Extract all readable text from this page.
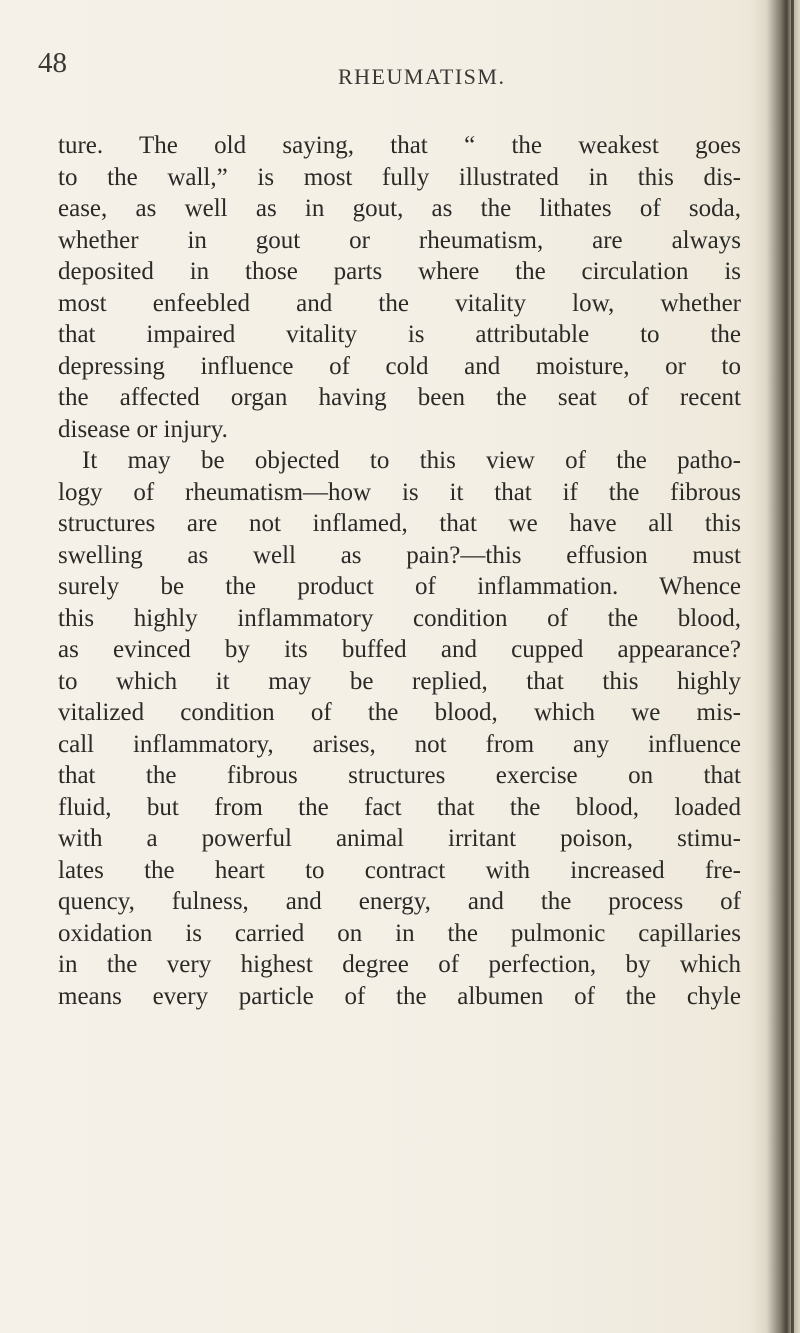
48	RHEUMATISM.
ture. The old saying, that “ the weakest goes
to the wall,” is most fully illustrated in this dis-
ease, as well as in gout, as the lithates of soda,
whether in gout or rheumatism, are always
deposited in those parts where the circulation is
most enfeebled and the vitality low, whether
that impaired vitality is attributable to the
depressing influence of cold and moisture, or to
the affected organ having been the seat of recent
disease or injury.
It may be objected to this view of the patho-
logy of rheumatism—how is it that if the fibrous
structures are not inflamed, that we have all this
swelling as well as pain?—this effusion must
surely be the product of inflammation. Whence
this highly inflammatory condition of the blood,
as evinced by its buffed and cupped appearance?
to which it may be replied, that this highly
vitalized condition of the blood, which we mis-
call inflammatory, arises, not from any influence
that the fibrous structures exercise on that
fluid, but from the fact that the blood, loaded
with a powerful animal irritant poison, stimu-
lates the heart to contract with increased fre-
quency, fulness, and energy, and the process of
oxidation is carried on in the pulmonic capillaries
in the very highest degree of perfection, by which
means every particle of the albumen of the chyle
